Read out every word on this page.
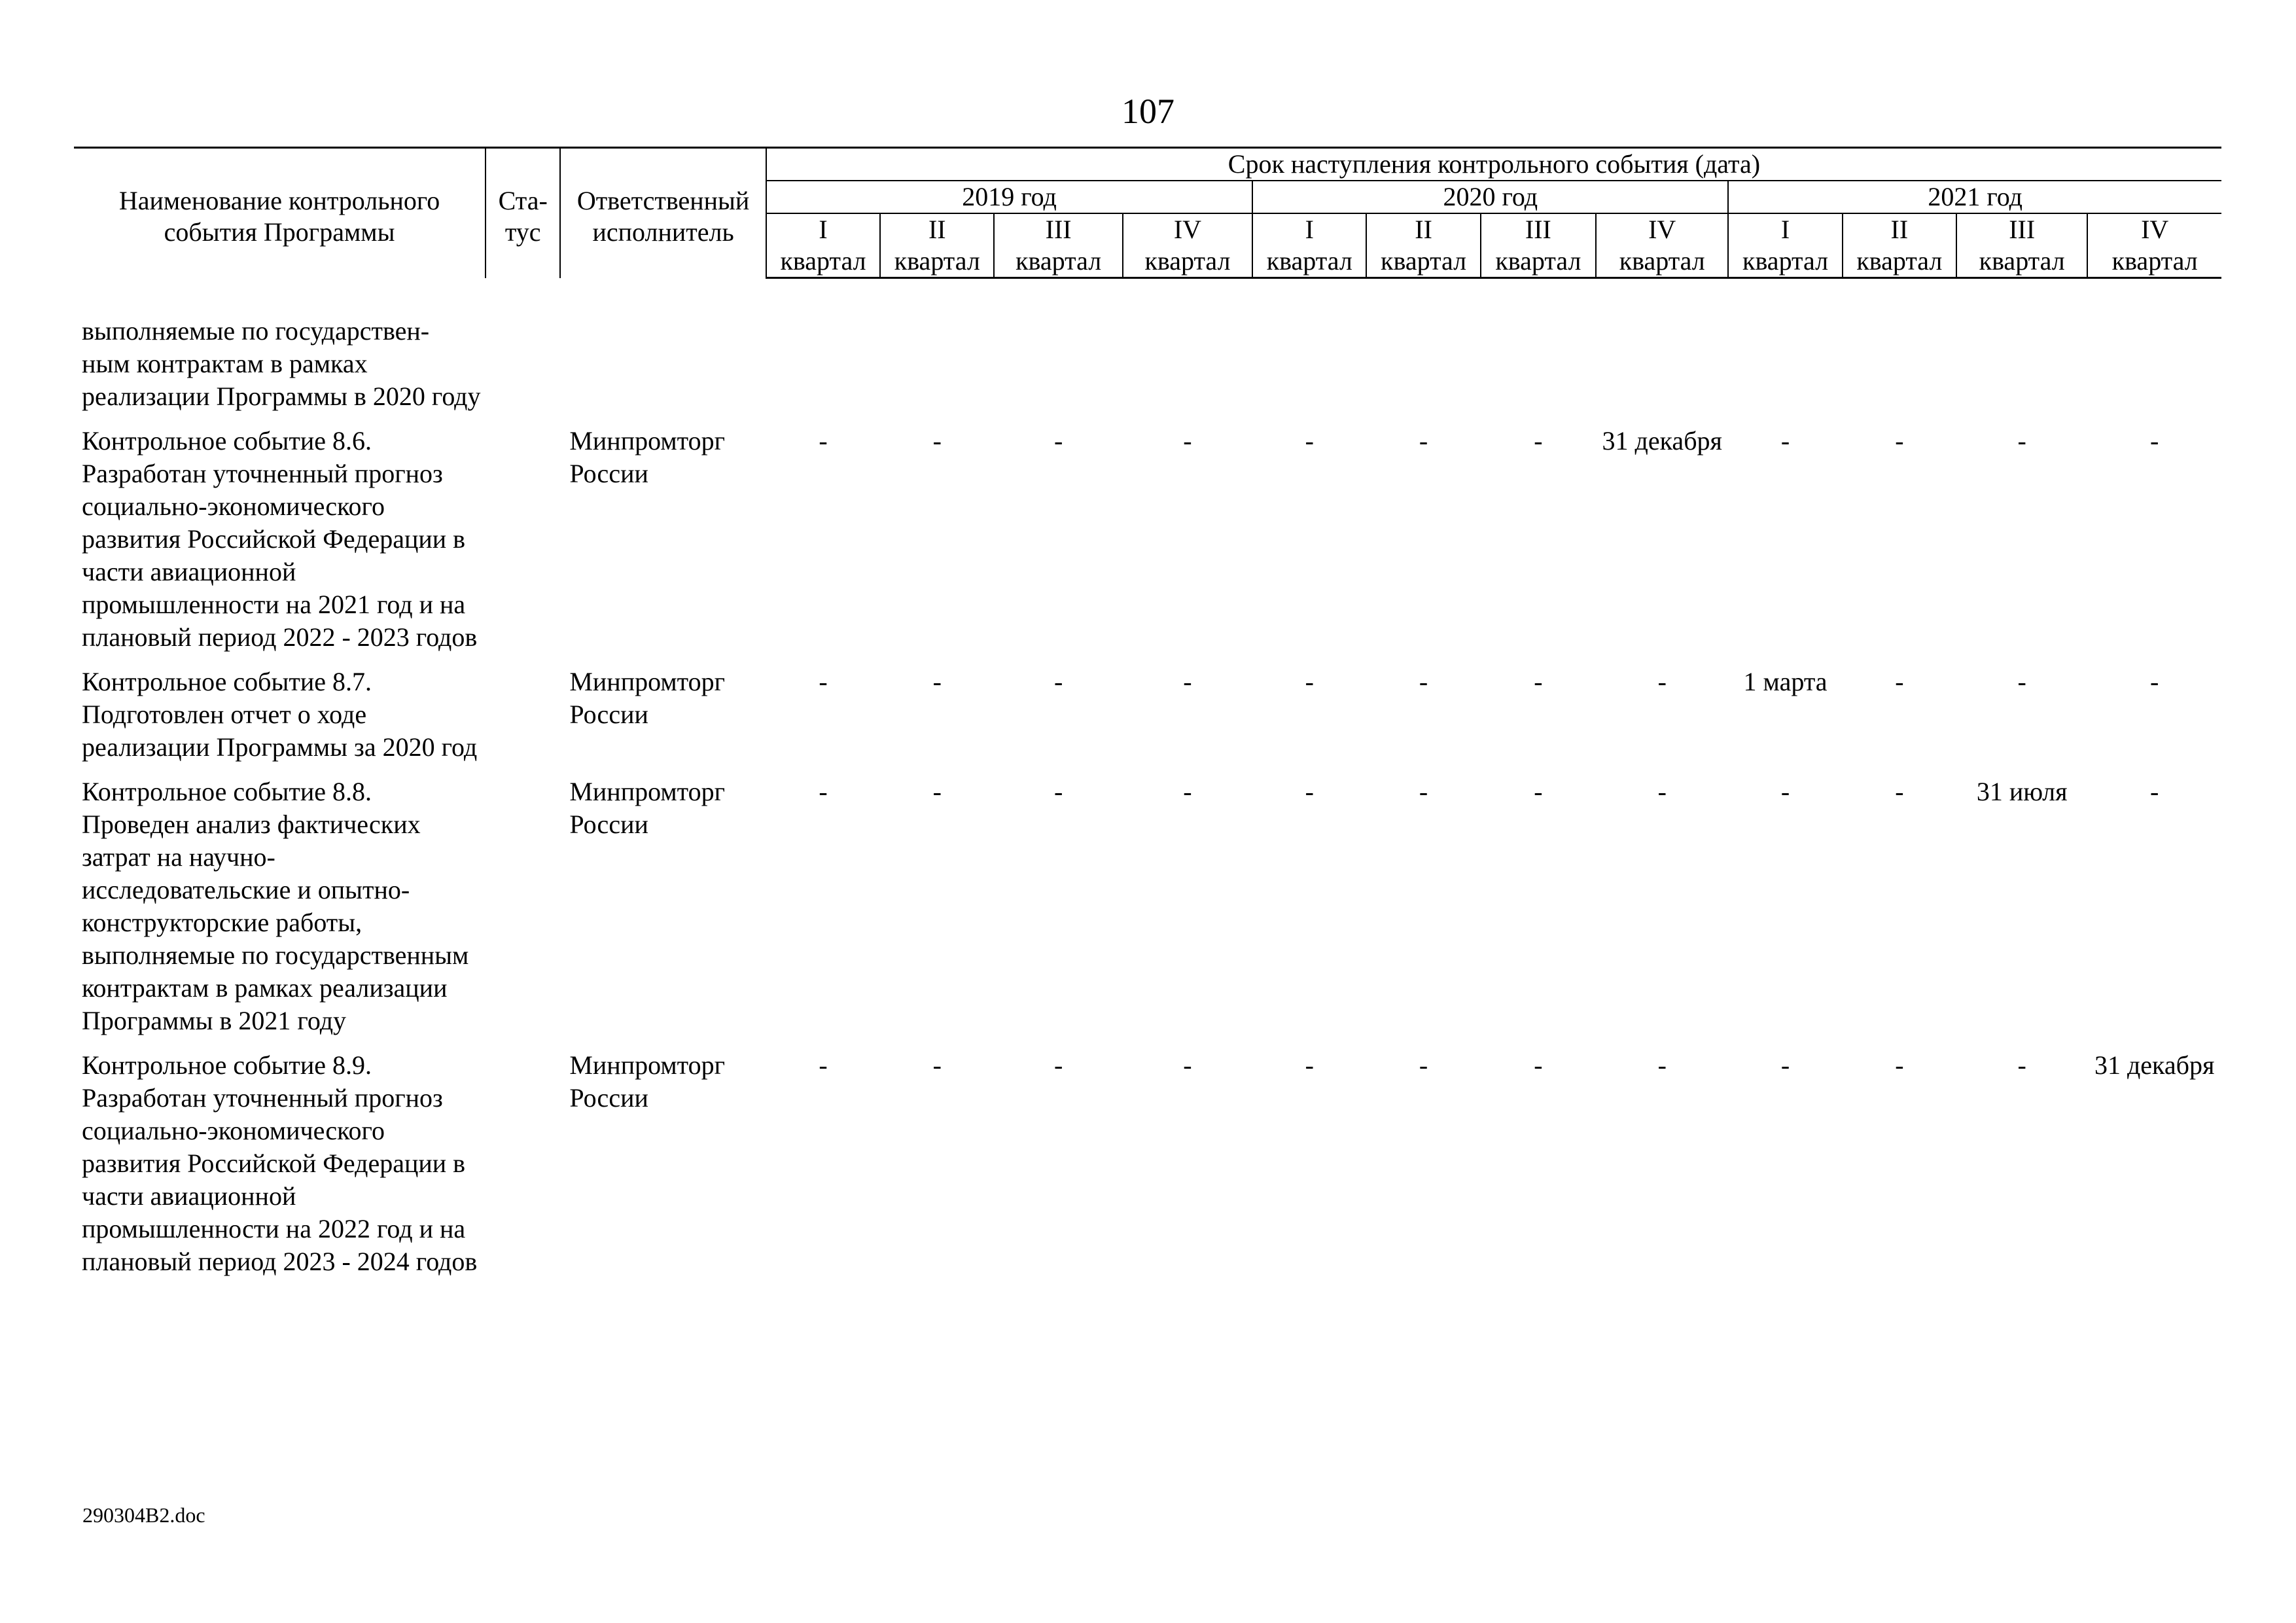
107
Наименование контрольного события Программы	Ста- тус	Ответственный исполнитель	Срок наступления контрольного события (дата)											
			2019 год				2020 год				2021 год			
			I	II	III	IV	I	II	III	IV	I	II	III	IV
			квартал	квартал	квартал	квартал	квартал	квартал	квартал	квартал	квартал	квартал	квартал	квартал
выполняемые по государствен- ным контрактам в рамках реализации Программы в 2020 году														
Контрольное событие 8.6. Разработан уточненный прогноз социально-экономического развития Российской Федерации в части авиационной промышленности на 2021 год и на плановый период 2022 - 2023 годов		Минпромторг России	-	-	-	-	-	-	-	31 декабря	-	-	-	-
Контрольное событие 8.7. Подготовлен отчет о ходе реализации Программы за 2020 год		Минпромторг России	-	-	-	-	-	-	-	-	1 марта	-	-	-
Контрольное событие 8.8. Проведен анализ фактических затрат на научно- исследовательские и опытно- конструкторские работы, выполняемые по государственным контрактам в рамках реализации Программы в 2021 году		Минпромторг России	-	-	-	-	-	-	-	-	-	-	31 июля	-
Контрольное событие 8.9. Разработан уточненный прогноз социально-экономического развития Российской Федерации в части авиационной промышленности на 2022 год и на плановый период 2023 - 2024 годов		Минпромторг России	-	-	-	-	-	-	-	-	-	-	-	31 декабря
290304B2.doc
